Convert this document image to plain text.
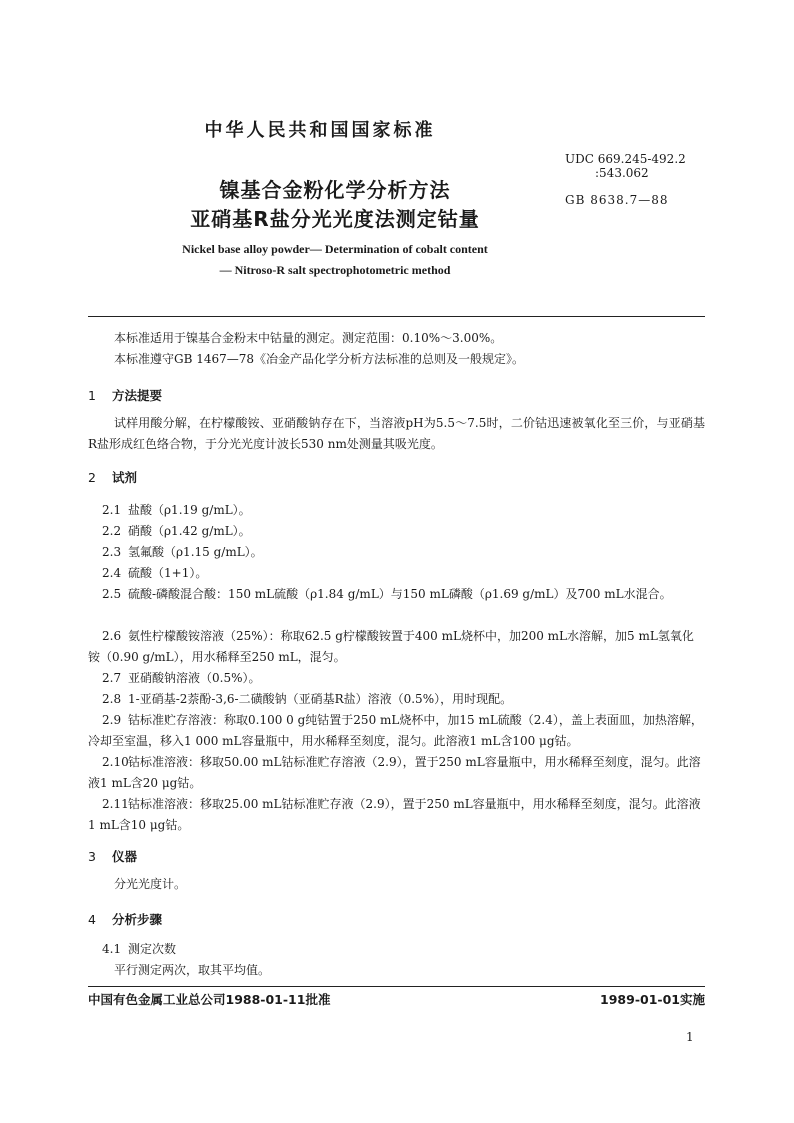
中华人民共和国国家标准
UDC 669.245-492.2
:543.062
GB 8638.7—88
镍基合金粉化学分析方法
亚硝基R盐分光光度法测定钴量
Nickel base alloy powder— Determination of cobalt content
— Nitroso-R salt spectrophotometric method
本标准适用于镍基合金粉末中钴量的测定。测定范围：0.10%～3.00%。
本标准遵守GB 1467—78《冶金产品化学分析方法标准的总则及一般规定》。
1 方法提要
试样用酸分解，在柠檬酸铵、亚硝酸钠存在下，当溶液pH为5.5～7.5时，二价钴迅速被氧化至三价，与亚硝基R盐形成红色络合物，于分光光度计波长530 nm处测量其吸光度。
2 试剂
2.1 盐酸（ρ1.19 g/mL）。
2.2 硝酸（ρ1.42 g/mL）。
2.3 氢氟酸（ρ1.15 g/mL）。
2.4 硫酸（1+1）。
2.5 硫酸-磷酸混合酸：150 mL硫酸（ρ1.84 g/mL）与150 mL磷酸（ρ1.69 g/mL）及700 mL水混合。
2.6 氨性柠檬酸铵溶液（25%）：称取62.5 g柠檬酸铵置于400 mL烧杯中，加200 mL水溶解，加5 mL氢氧化铵（0.90 g/mL），用水稀释至250 mL，混匀。
2.7 亚硝酸钠溶液（0.5%）。
2.8 1-亚硝基-2萘酚-3,6-二磺酸钠（亚硝基R盐）溶液（0.5%），用时现配。
2.9 钴标准贮存溶液：称取0.100 0 g纯钴置于250 mL烧杯中，加15 mL硫酸（2.4），盖上表面皿，加热溶解，冷却至室温，移入1 000 mL容量瓶中，用水稀释至刻度，混匀。此溶液1 mL含100 μg钴。
2.10钴标准溶液：移取50.00 mL钴标准贮存溶液（2.9），置于250 mL容量瓶中，用水稀释至刻度，混匀。此溶液1 mL含20 μg钴。
2.11钴标准溶液：移取25.00 mL钴标准贮存液（2.9），置于250 mL容量瓶中，用水稀释至刻度，混匀。此溶液1 mL含10 μg钴。
3 仪器
分光光度计。
4 分析步骤
4.1 测定次数
平行测定两次，取其平均值。
中国有色金属工业总公司1988-01-11批准	1989-01-01实施
1
